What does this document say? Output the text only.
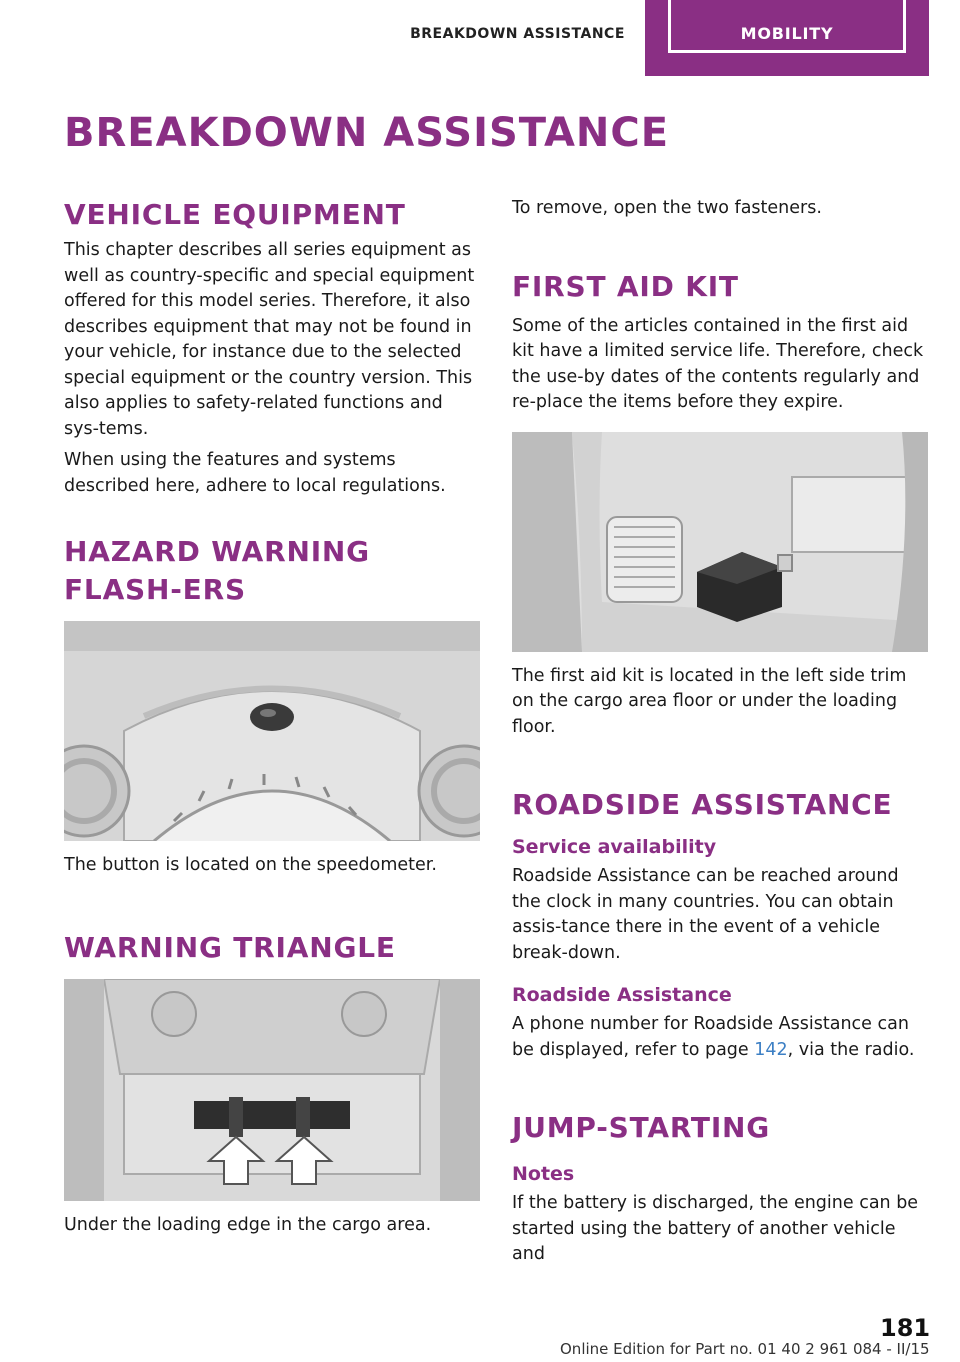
BREAKDOWN ASSISTANCE	MOBILITY
BREAKDOWN ASSISTANCE
VEHICLE EQUIPMENT

This chapter describes all series equipment as well as country-specific and special equipment offered for this model series. Therefore, it also describes equipment that may not be found in your vehicle, for instance due to the selected special equipment or the country version. This also applies to safety-related functions and sys-tems.

When using the features and systems described here, adhere to local regulations.

HAZARD WARNING FLASH-ERS

The button is located on the speedometer.

WARNING TRIANGLE

Under the loading edge in the cargo area.

To remove, open the two fasteners.

FIRST AID KIT

Some of the articles contained in the first aid kit have a limited service life. Therefore, check the use-by dates of the contents regularly and re-place the items before they expire.

The first aid kit is located in the left side trim on the cargo area floor or under the loading floor.

ROADSIDE ASSISTANCE
Service availability

Roadside Assistance can be reached around the clock in many countries. You can obtain assis-tance there in the event of a vehicle break-down.

Roadside Assistance

A phone number for Roadside Assistance can be displayed, refer to page 142, via the radio.

JUMP-STARTING
Notes

If the battery is discharged, the engine can be started using the battery of another vehicle and

181
Online Edition for Part no. 01 40 2 961 084 - II/15
